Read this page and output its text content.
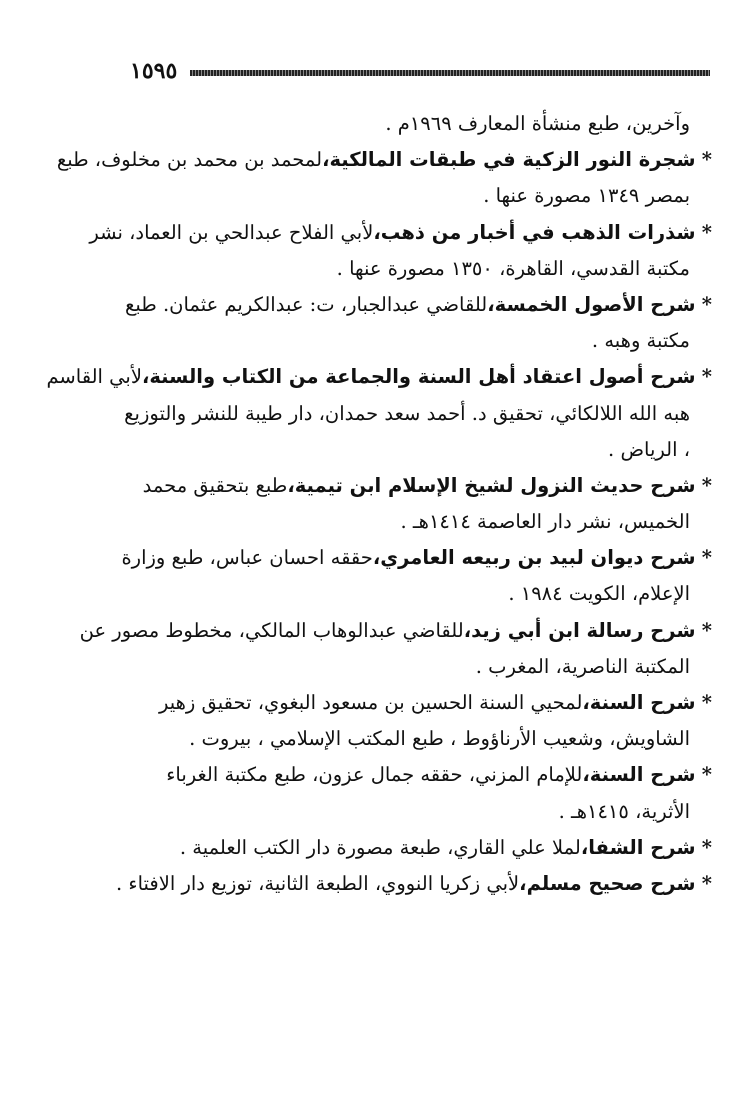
١٥٩٥
وآخرين، طبع منشأة المعارف ١٩٦٩م .
* شجرة النور الزكية في طبقات المالكية،لمحمد بن محمد بن مخلوف، طبع
بمصر ١٣٤٩ مصورة عنها .
* شذرات الذهب في أخبار من ذهب،لأبي الفلاح عبدالحي بن العماد، نشر
مكتبة القدسي، القاهرة، ١٣٥٠ مصورة عنها .
* شرح الأصول الخمسة،للقاضي عبدالجبار، ت: عبدالكريم عثمان. طبع
مكتبة وهبه .
* شرح أصول اعتقاد أهل السنة والجماعة من الكتاب والسنة،لأبي القاسم
هبه الله اللالكائي، تحقيق د. أحمد سعد حمدان، دار طيبة للنشر والتوزيع
، الرياض .
* شرح حديث النزول لشيخ الإسلام ابن تيمية،طبع بتحقيق محمد
الخميس، نشر دار العاصمة ١٤١٤هـ .
* شرح ديوان لبيد بن ربيعه العامري،حققه احسان عباس، طبع وزارة
الإعلام، الكويت ١٩٨٤ .
* شرح رسالة ابن أبي زيد،للقاضي عبدالوهاب المالكي، مخطوط مصور عن
المكتبة الناصرية، المغرب .
* شرح السنة،لمحيي السنة الحسين بن مسعود البغوي، تحقيق زهير
الشاويش، وشعيب الأرناؤوط ، طبع المكتب الإسلامي ، بيروت .
* شرح السنة،للإمام المزني، حققه جمال عزون، طبع مكتبة الغرباء
الأثرية، ١٤١٥هـ .
* شرح الشفا،لملا علي القاري، طبعة مصورة دار الكتب العلمية .
* شرح صحيح مسلم،لأبي زكريا النووي، الطبعة الثانية، توزيع دار الافتاء .
